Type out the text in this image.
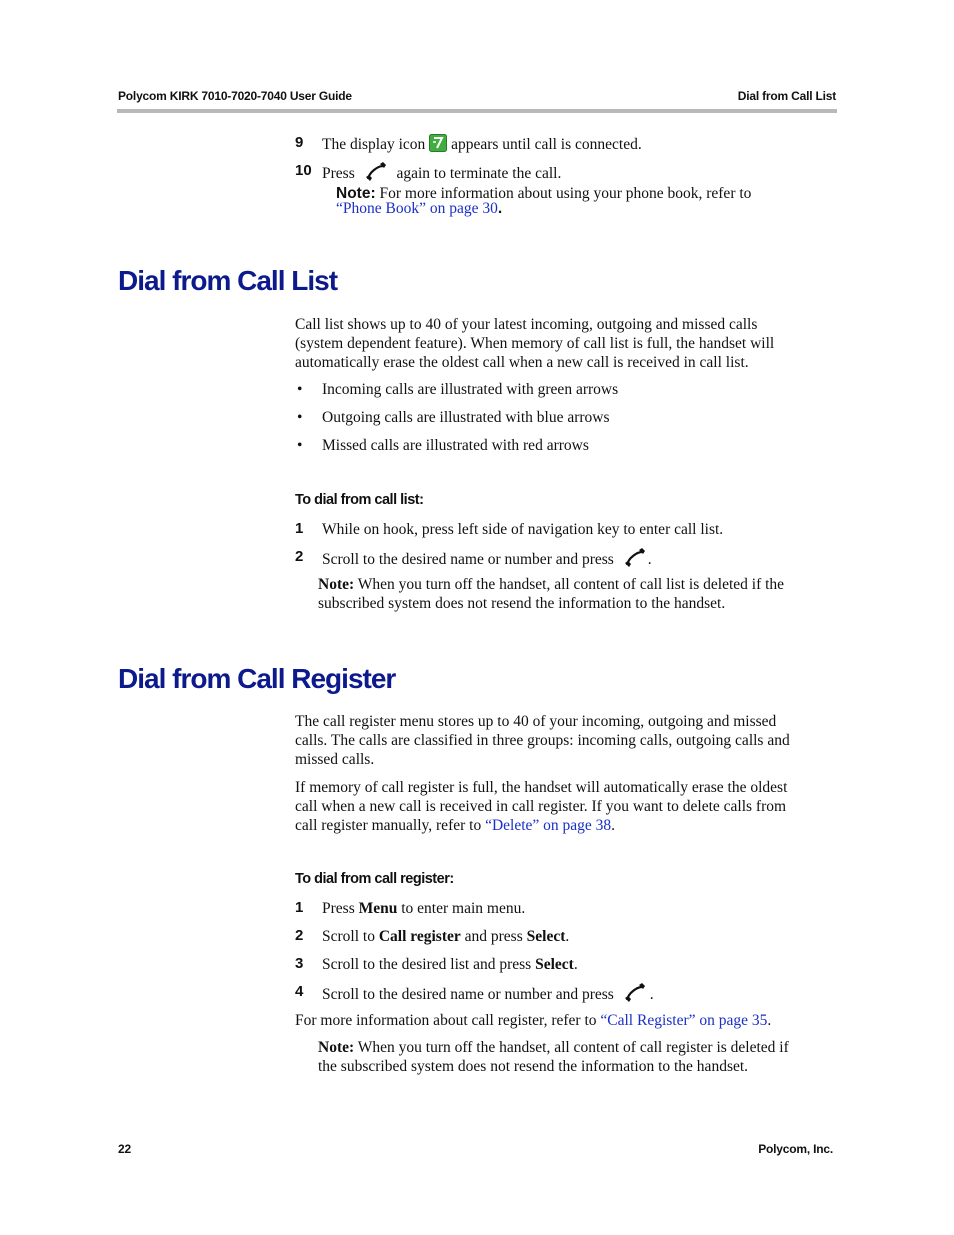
Polycom KIRK 7010-7020-7040 User Guide	Dial from Call List
9 The display icon appears until call is connected.
10 Press	again to terminate the call.
Note: For more information about using your phone book, refer to
“Phone Book” on page 30.
Dial from Call List
Call list shows up to 40 of your latest incoming, outgoing and missed calls
(system dependent feature). When memory of call list is full, the handset will
automatically erase the oldest call when a new call is received in call list.
• Incoming calls are illustrated with green arrows
• Outgoing calls are illustrated with blue arrows
• Missed calls are illustrated with red arrows
To dial from call list:
1 While on hook, press left side of navigation key to enter call list.
2 Scroll to the desired name or number and press .
Note: When you turn off the handset, all content of call list is deleted if the
subscribed system does not resend the information to the handset.
Dial from Call Register
The call register menu stores up to 40 of your incoming, outgoing and missed
calls. The calls are classified in three groups: incoming calls, outgoing calls and
missed calls.
If memory of call register is full, the handset will automatically erase the oldest
call when a new call is received in call register. If you want to delete calls from
call register manually, refer to “Delete” on page 38.
To dial from call register:
1 Press Menu to enter main menu.
2 Scroll to Call register and press Select.
3 Scroll to the desired list and press Select.
4 Scroll to the desired name or number and press .
For more information about call register, refer to “Call Register” on page 35.
Note: When you turn off the handset, all content of call register is deleted if
the subscribed system does not resend the information to the handset.
22	Polycom, Inc.
